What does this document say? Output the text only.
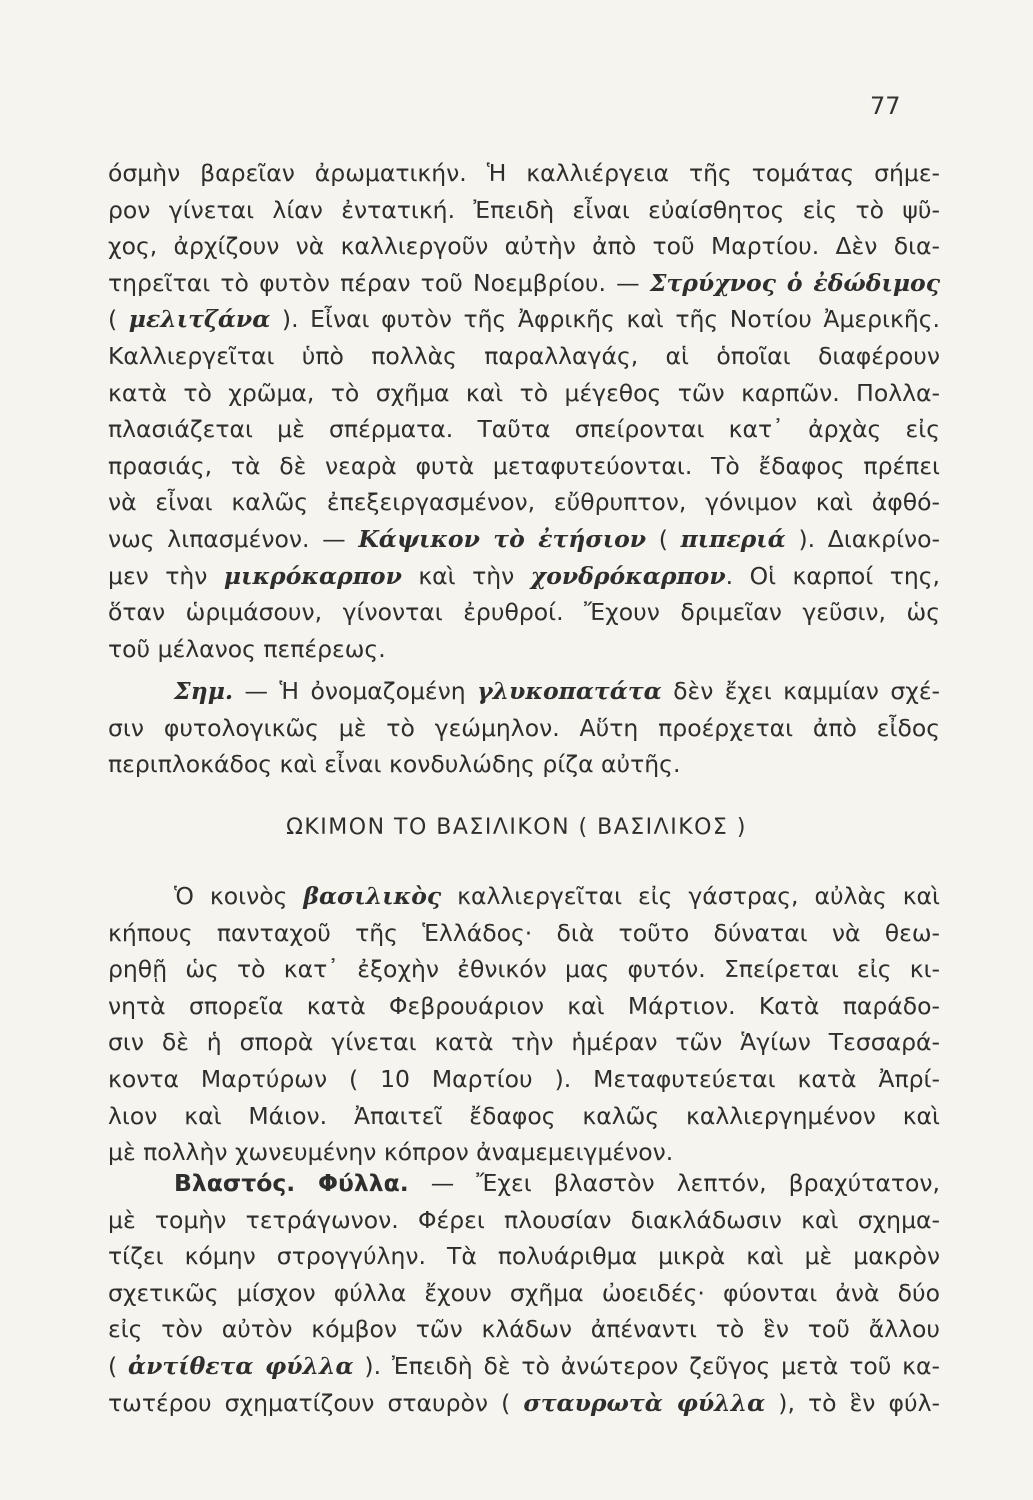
77
όσμὴν βαρεῖαν ἀρωματικήν. Ἡ καλλιέργεια τῆς τομάτας σήμε-
ρον γίνεται λίαν ἐντατική. Ἐπειδὴ εἶναι εὐαίσθητος εἰς τὸ ψῦ-
χος, ἀρχίζουν νὰ καλλιεργοῦν αὐτὴν ἀπὸ τοῦ Μαρτίου. Δὲν δια-
τηρεῖται τὸ φυτὸν πέραν τοῦ Νοεμβρίου. — Στρύχνος ὁ ἐδώδιμος
( μελιτζάνα ). Εἶναι φυτὸν τῆς Ἀφρικῆς καὶ τῆς Νοτίου Ἀμερικῆς.
Καλλιεργεῖται ὑπὸ πολλὰς παραλλαγάς, αἱ ὁποῖαι διαφέρουν
κατὰ τὸ χρῶμα, τὸ σχῆμα καὶ τὸ μέγεθος τῶν καρπῶν. Πολλα-
πλασιάζεται μὲ σπέρματα. Ταῦτα σπείρονται κατ᾽ ἀρχὰς εἰς
πρασιάς, τὰ δὲ νεαρὰ φυτὰ μεταφυτεύονται. Τὸ ἔδαφος πρέπει
νὰ εἶναι καλῶς ἐπεξειργασμένον, εὔθρυπτον, γόνιμον καὶ ἀφθό-
νως λιπασμένον. — Κάψικον τὸ ἐτήσιον ( πιπεριά ). Διακρίνο-
μεν τὴν μικρόκαρπον καὶ τὴν χονδρόκαρπον. Οἱ καρποί της,
ὅταν ὡριμάσουν, γίνονται ἐρυθροί. Ἔχουν δριμεῖαν γεῦσιν, ὡς
τοῦ μέλανος πεπέρεως.
Σημ. — Ἡ ὀνομαζομένη γλυκοπατάτα δὲν ἔχει καμμίαν σχέ-
σιν φυτολογικῶς μὲ τὸ γεώμηλον. Αὕτη προέρχεται ἀπὸ εἶδος
περιπλοκάδος καὶ εἶναι κονδυλώδης ρίζα αὐτῆς.
ΩΚΙΜΟΝ ΤΟ ΒΑΣΙΛΙΚΟΝ ( ΒΑΣΙΛΙΚΟΣ )
Ὁ κοινὸς βασιλικὸς καλλιεργεῖται εἰς γάστρας, αὐλὰς καὶ
κήπους πανταχοῦ τῆς Ἑλλάδος· διὰ τοῦτο δύναται νὰ θεω-
ρηθῇ ὡς τὸ κατ᾽ ἐξοχὴν ἐθνικόν μας φυτόν. Σπείρεται εἰς κι-
νητὰ σπορεῖα κατὰ Φεβρουάριον καὶ Μάρτιον. Κατὰ παράδο-
σιν δὲ ἡ σπορὰ γίνεται κατὰ τὴν ἡμέραν τῶν Ἁγίων Τεσσαρά-
κοντα Μαρτύρων ( 10 Μαρτίου ). Μεταφυτεύεται κατὰ Ἀπρί-
λιον καὶ Μάιον. Ἀπαιτεῖ ἔδαφος καλῶς καλλιεργημένον καὶ
μὲ πολλὴν χωνευμένην κόπρον ἀναμεμειγμένον.
Βλαστός. Φύλλα. — Ἔχει βλαστὸν λεπτόν, βραχύτατον,
μὲ τομὴν τετράγωνον. Φέρει πλουσίαν διακλάδωσιν καὶ σχημα-
τίζει κόμην στρογγύλην. Τὰ πολυάριθμα μικρὰ καὶ μὲ μακρὸν
σχετικῶς μίσχον φύλλα ἔχουν σχῆμα ὠοειδές· φύονται ἀνὰ δύο
εἰς τὸν αὐτὸν κόμβον τῶν κλάδων ἀπέναντι τὸ ἓν τοῦ ἄλλου
( ἀντίθετα φύλλα ). Ἐπειδὴ δὲ τὸ ἀνώτερον ζεῦγος μετὰ τοῦ κα-
τωτέρου σχηματίζουν σταυρὸν ( σταυρωτὰ φύλλα ), τὸ ἓν φύλ-
